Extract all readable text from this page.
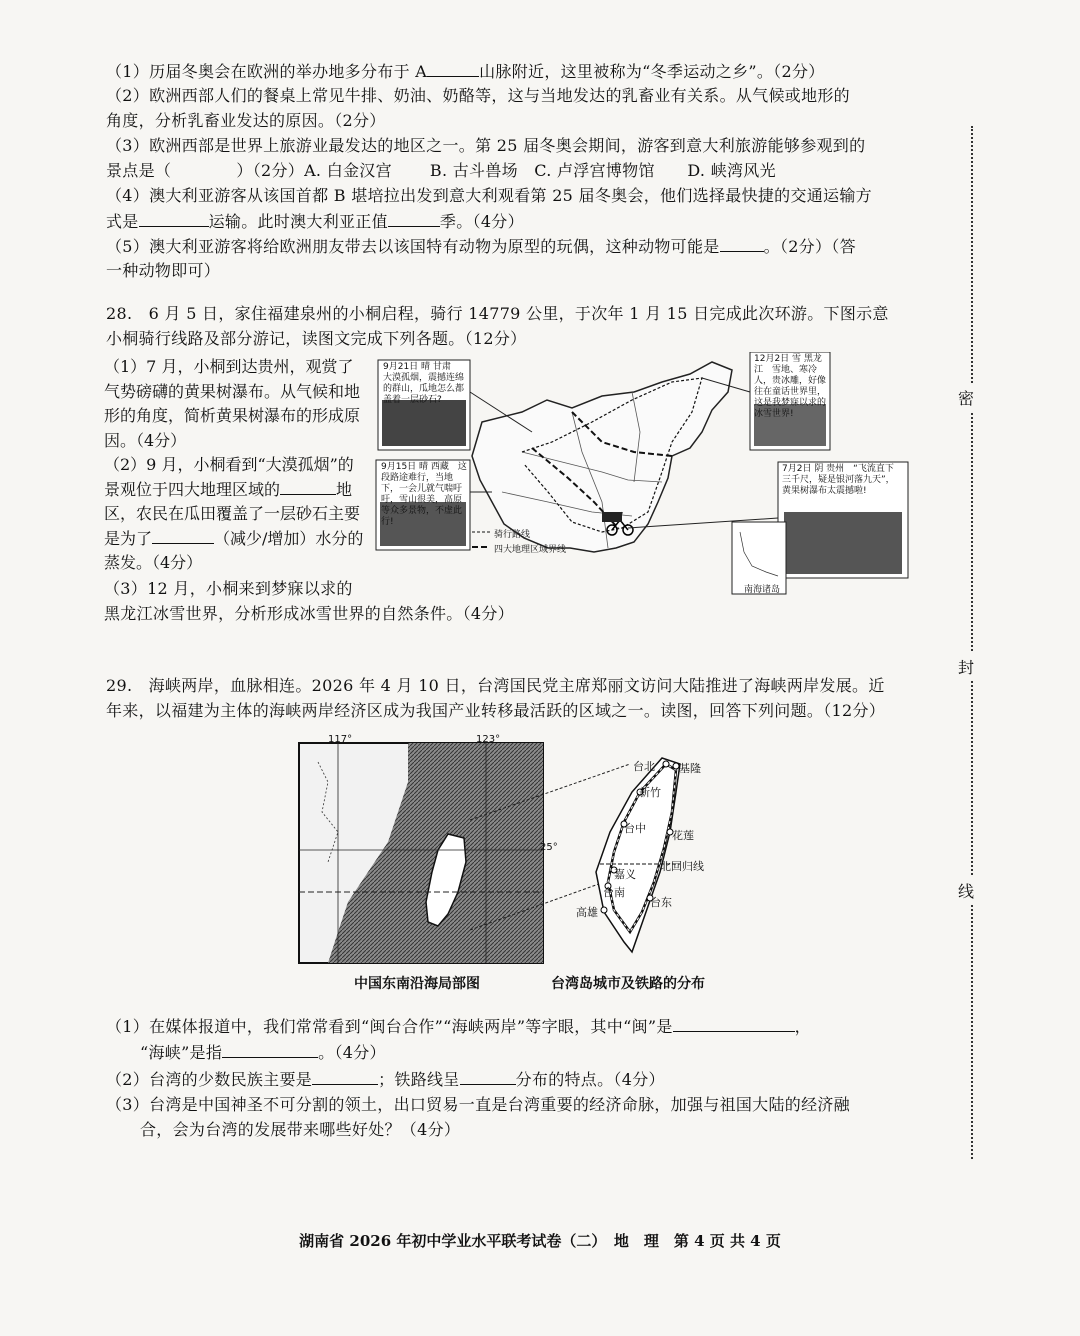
（1）历届冬奥会在欧洲的举办地多分布于 A	山脉附近，这里被称为“冬季运动之乡”。（2分）
（2）欧洲西部人们的餐桌上常见牛排、奶油、奶酪等，这与当地发达的乳畜业有关系。从气候或地形的
角度，分析乳畜业发达的原因。（2分）
（3）欧洲西部是世界上旅游业最发达的地区之一。第 25 届冬奥会期间，游客到意大利旅游能够参观到的
景点是（　　　　）（2分）A. 白金汉宫　　 B. 古斗兽场　C. 卢浮宫博物馆　　D. 峡湾风光
（4）澳大利亚游客从该国首都 B 堪培拉出发到意大利观看第 25 届冬奥会，他们选择最快捷的交通运输方
式是	运输。此时澳大利亚正值	季。（4分）
（5）澳大利亚游客将给欧洲朋友带去以该国特有动物为原型的玩偶，这种动物可能是	。（2分）（答
一种动物即可）
28.　6 月 5 日，家住福建泉州的小桐启程，骑行 14779 公里，于次年 1 月 15 日完成此次环游。下图示意
小桐骑行线路及部分游记，读图文完成下列各题。（12分）
（1）7 月，小桐到达贵州，观赏了气势磅礴的黄果树瀑布。从气候和地形的角度，简析黄果树瀑布的形成原因。（4分）
（2）9 月，小桐看到“大漠孤烟”的景观位于四大地理区域的	地区，农民在瓜田覆盖了一层砂石主要是为了	（减少/增加）水分的蒸发。（4分）
（3）12 月，小桐来到梦寐以求的
黑龙江冰雪世界，分析形成冰雪世界的自然条件。（4分）
9月21日 晴 甘肃　大漠孤烟，震撼连绵的群山，瓜地怎么都盖着一层砂石?
9月15日 晴 西藏　这段路途难行，当地下，一会儿就气喘吁吁，雪山很美，高原等众多景物，不虚此行!
12月2日 雪 黑龙江　雪地、寒冷人，贵冰雕，好像往在童话世界里，这是我梦寐以求的冰雪世界!
7月2日 阴 贵州　“飞流直下三千尺，疑是银河落九天”，黄果树瀑布太震撼啦!
骑行路线
四大地理区域界线
南海诸岛
29.　海峡两岸，血脉相连。2026 年 4 月 10 日，台湾国民党主席郑丽文访问大陆推进了海峡两岸发展。近
年来，以福建为主体的海峡两岸经济区成为我国产业转移最活跃的区域之一。读图，回答下列问题。（12分）
117°	123°
25°
台北 基隆
新竹
台中
花莲
嘉义
台南
高雄
台东
北回归线
中国东南沿海局部图	台湾岛城市及铁路的分布
（1）在媒体报道中，我们常常看到“闽台合作”“海峡两岸”等字眼，其中“闽”是	，
“海峡”是指	。（4分）
（2）台湾的少数民族主要是	；铁路线呈	分布的特点。（4分）
（3）台湾是中国神圣不可分割的领土，出口贸易一直是台湾重要的经济命脉，加强与祖国大陆的经济融
合，会为台湾的发展带来哪些好处？（4分）
密
封
线
湖南省 2026 年初中学业水平联考试卷（二）　地　理　第 4 页 共 4 页
